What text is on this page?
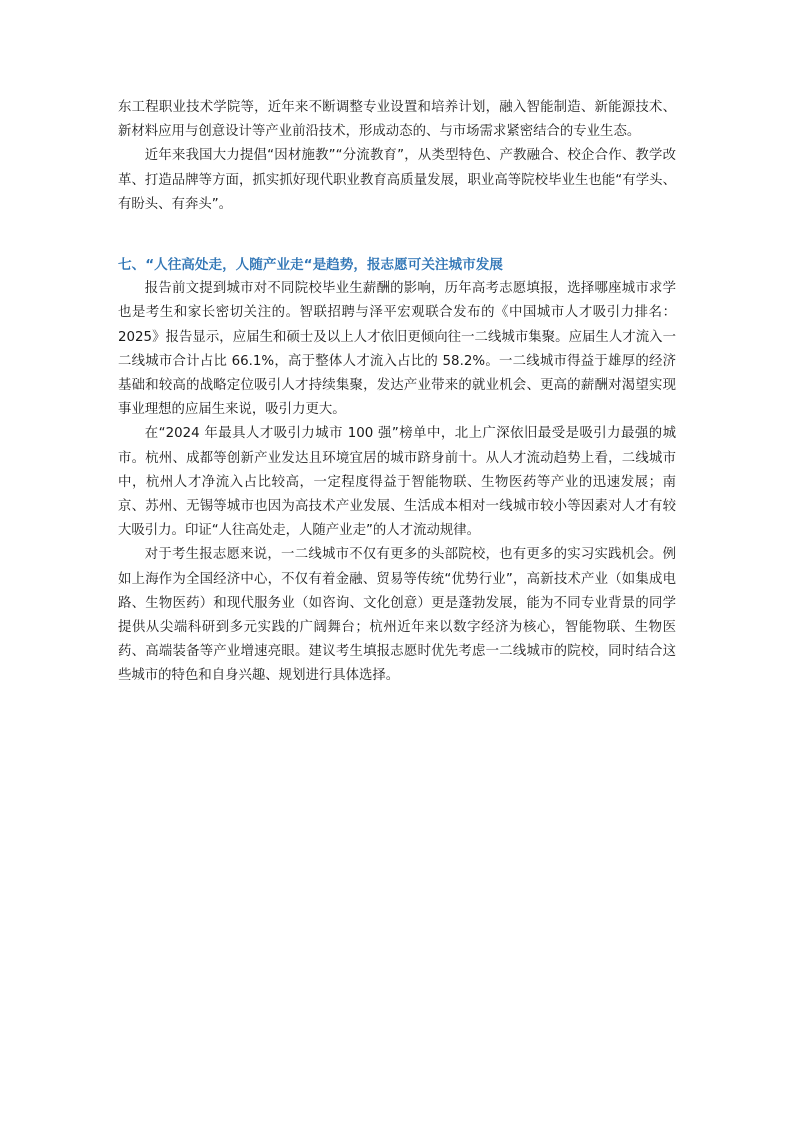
东工程职业技术学院等，近年来不断调整专业设置和培养计划，融入智能制造、新能源技术、新材料应用与创意设计等产业前沿技术，形成动态的、与市场需求紧密结合的专业生态。

近年来我国大力提倡“因材施教”“分流教育”，从类型特色、产教融合、校企合作、教学改革、打造品牌等方面，抓实抓好现代职业教育高质量发展，职业高等院校毕业生也能“有学头、有盼头、有奔头”。

七、“人往高处走，人随产业走“是趋势，报志愿可关注城市发展

报告前文提到城市对不同院校毕业生薪酬的影响，历年高考志愿填报，选择哪座城市求学也是考生和家长密切关注的。智联招聘与泽平宏观联合发布的《中国城市人才吸引力排名：2025》报告显示，应届生和硕士及以上人才依旧更倾向往一二线城市集聚。应届生人才流入一二线城市合计占比 66.1%，高于整体人才流入占比的 58.2%。一二线城市得益于雄厚的经济基础和较高的战略定位吸引人才持续集聚，发达产业带来的就业机会、更高的薪酬对渴望实现事业理想的应届生来说，吸引力更大。

在“2024 年最具人才吸引力城市 100 强”榜单中，北上广深依旧最受是吸引力最强的城市。杭州、成都等创新产业发达且环境宜居的城市跻身前十。从人才流动趋势上看，二线城市中，杭州人才净流入占比较高，一定程度得益于智能物联、生物医药等产业的迅速发展；南京、苏州、无锡等城市也因为高技术产业发展、生活成本相对一线城市较小等因素对人才有较大吸引力。印证“人往高处走，人随产业走”的人才流动规律。

对于考生报志愿来说，一二线城市不仅有更多的头部院校，也有更多的实习实践机会。例如上海作为全国经济中心，不仅有着金融、贸易等传统“优势行业”，高新技术产业（如集成电路、生物医药）和现代服务业（如咨询、文化创意）更是蓬勃发展，能为不同专业背景的同学提供从尖端科研到多元实践的广阔舞台；杭州近年来以数字经济为核心，智能物联、生物医药、高端装备等产业增速亮眼。建议考生填报志愿时优先考虑一二线城市的院校，同时结合这些城市的特色和自身兴趣、规划进行具体选择。
